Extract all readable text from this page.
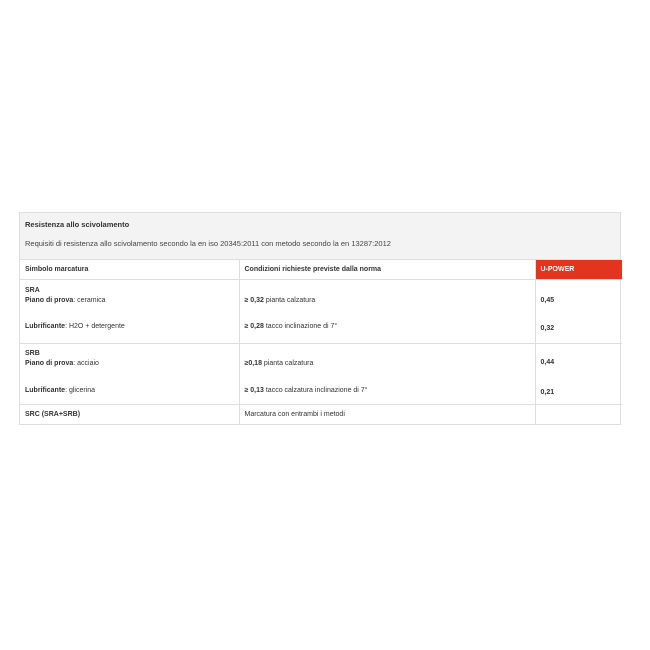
Resistenza allo scivolamento
Requisiti di resistenza allo scivolamento secondo la en iso 20345:2011 con metodo secondo la en 13287:2012
Simbolo marcatura	Condizioni richieste previste dalla norma	U-POWER
SRA
Piano di prova: ceramica	≥ 0,32 pianta calzatura	0,45
Lubrificante: H2O + detergente	≥ 0,28 tacco inclinazione di 7°	0,32
SRB
Piano di prova: acciaio	≥0,18 pianta calzatura	0,44
Lubrificante: glicerina	≥ 0,13 tacco calzatura inclinazione di 7°	0,21
SRC (SRA+SRB)	Marcatura con entrambi i metodi	
